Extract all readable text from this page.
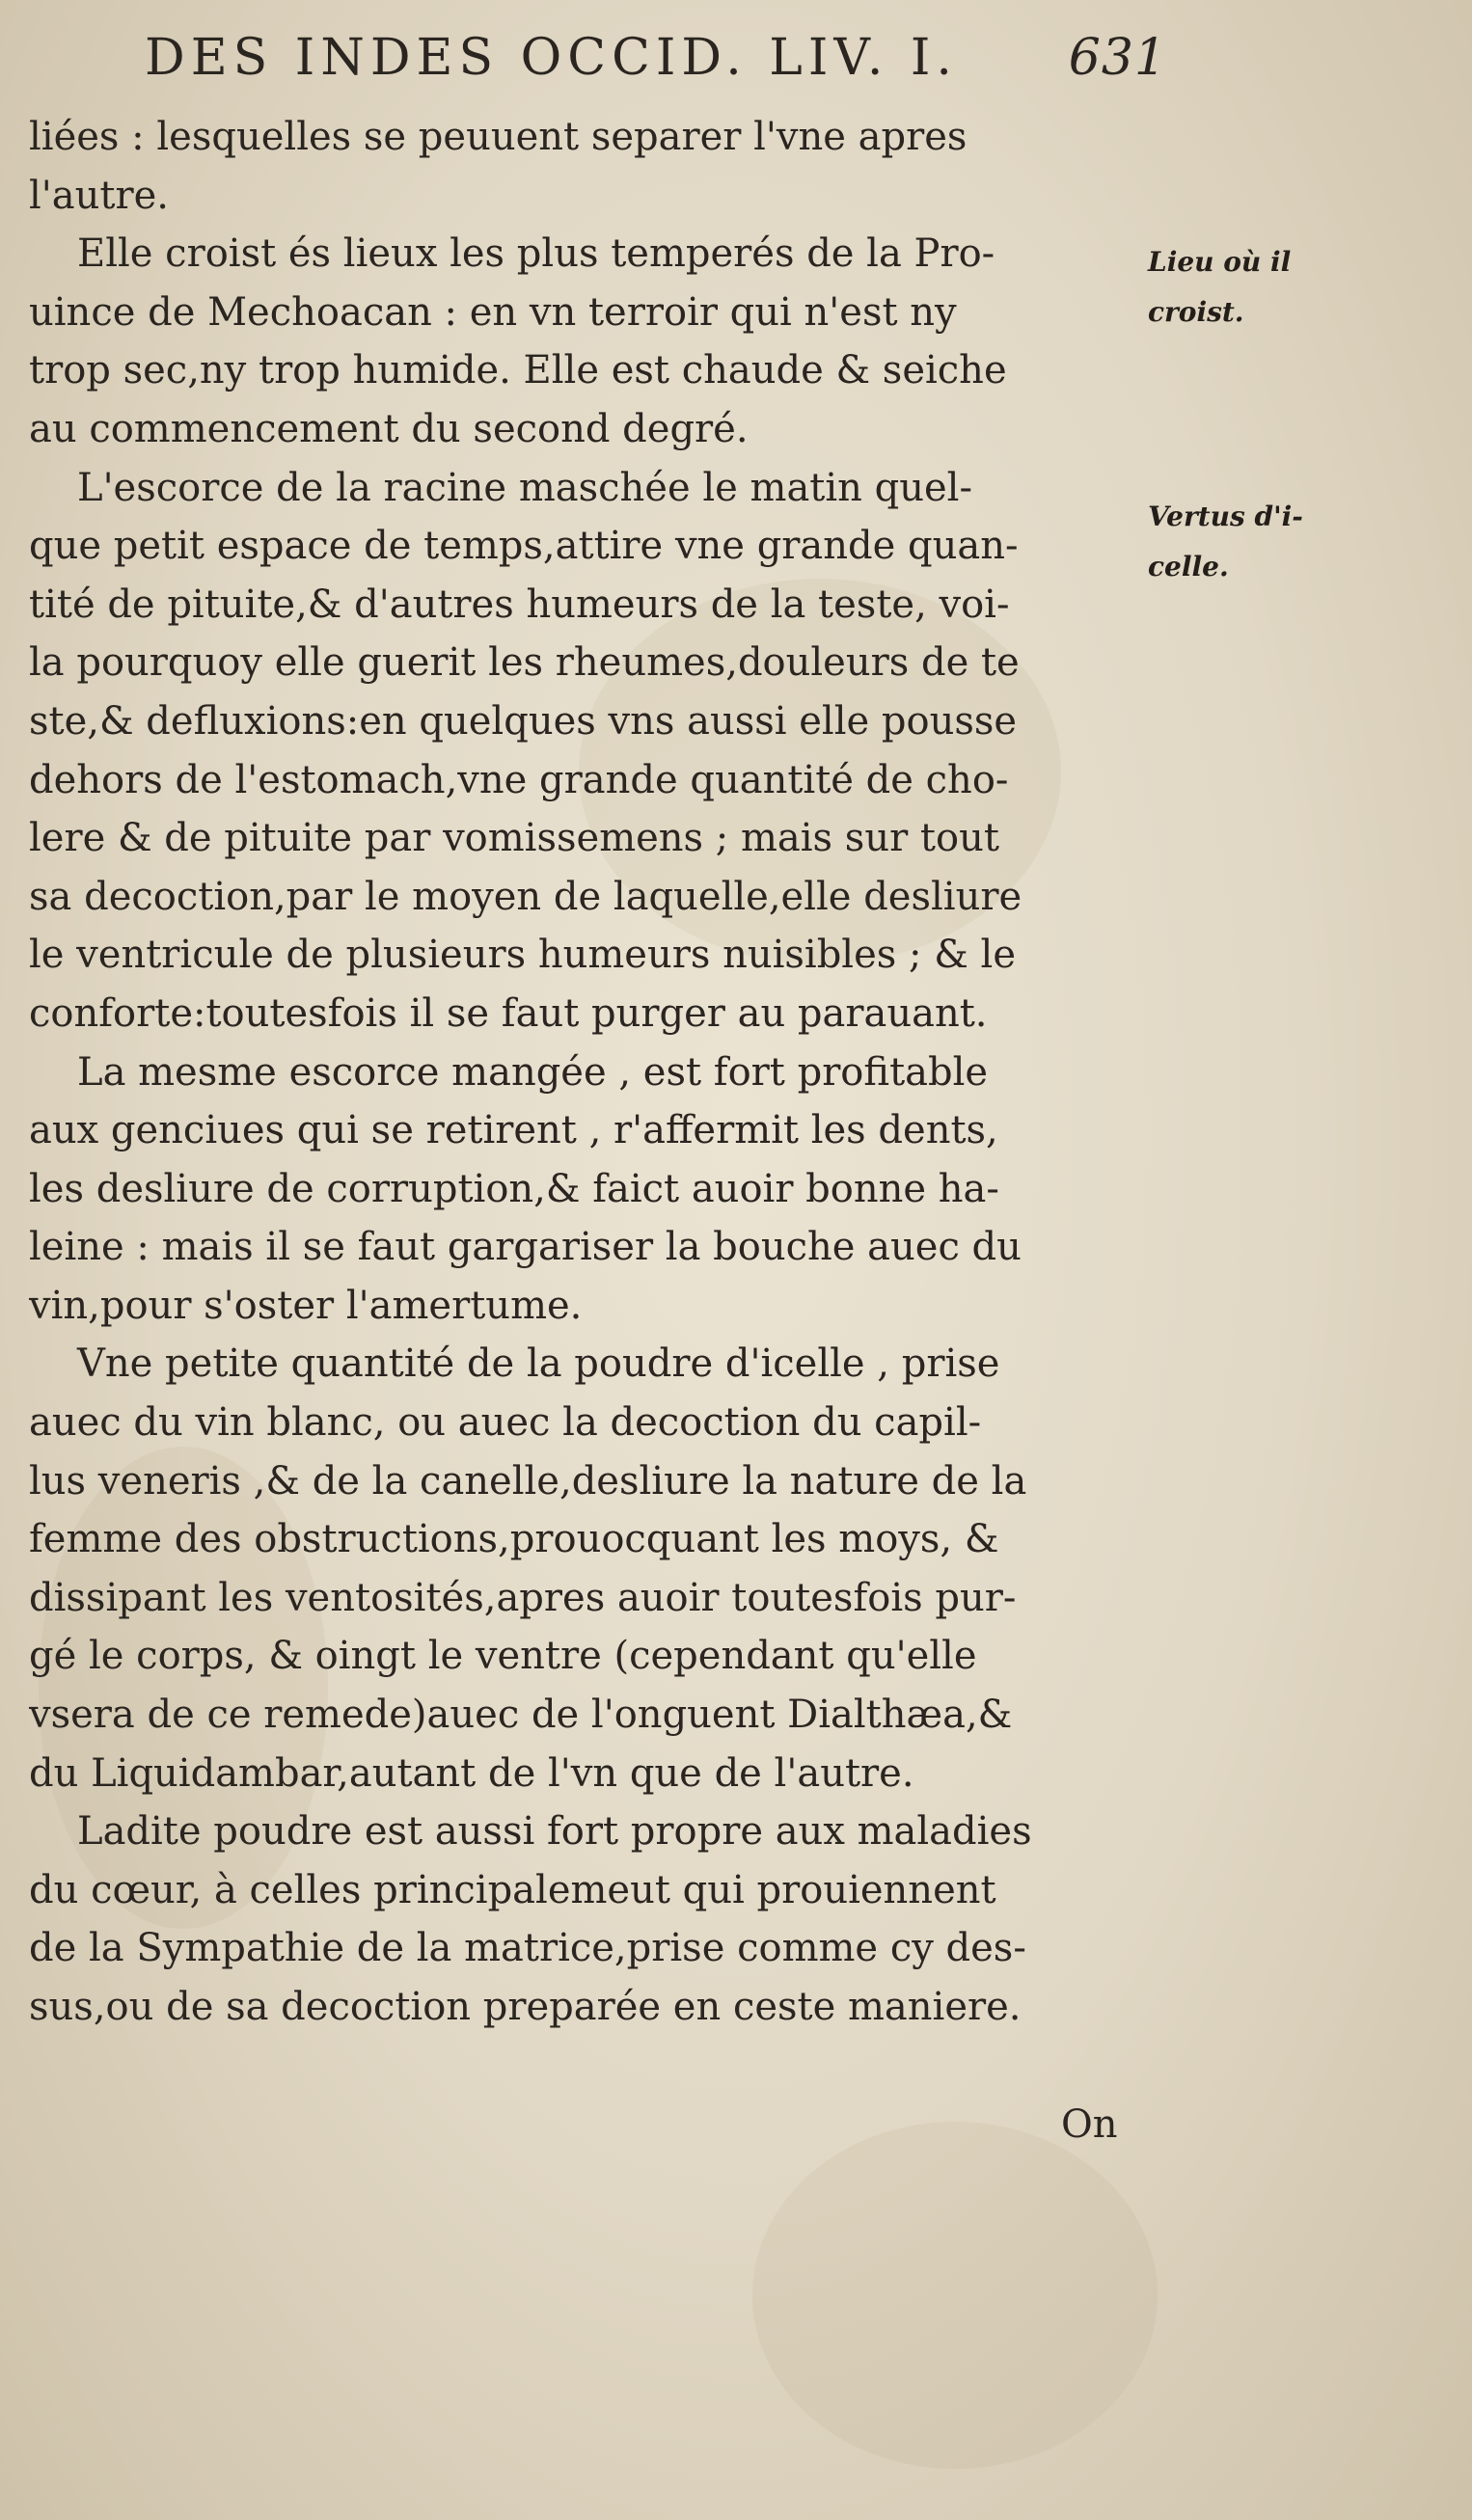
DES INDES OCCID. LIV. I. 631
liées : lesquelles se peuuent separer l'vne apres
l'autre.
Elle croist és lieux les plus temperés de la Pro-
uince de Mechoacan : en vn terroir qui n'est ny
trop sec,ny trop humide. Elle est chaude & seiche
au commencement du second degré.
L'escorce de la racine maschée le matin quel-
que petit espace de temps,attire vne grande quan-
tité de pituite,& d'autres humeurs de la teste, voi-
la pourquoy elle guerit les rheumes,douleurs de te
ste,& defluxions:en quelques vns aussi elle pousse
dehors de l'estomach,vne grande quantité de cho-
lere & de pituite par vomissemens ; mais sur tout
sa decoction,par le moyen de laquelle,elle desliure
le ventricule de plusieurs humeurs nuisibles ; & le
conforte:toutesfois il se faut purger au parauant.
La mesme escorce mangée , est fort profitable
aux genciues qui se retirent , r'affermit les dents,
les desliure de corruption,& faict auoir bonne ha-
leine : mais il se faut gargariser la bouche auec du
vin,pour s'oster l'amertume.
Vne petite quantité de la poudre d'icelle , prise
auec du vin blanc, ou auec la decoction du capil-
lus veneris ,& de la canelle,desliure la nature de la
femme des obstructions,prouocquant les moys, &
dissipant les ventosités,apres auoir toutesfois pur-
gé le corps, & oingt le ventre (cependant qu'elle
vsera de ce remede)auec de l'onguent Dialthæa,&
du Liquidambar,autant de l'vn que de l'autre.
Ladite poudre est aussi fort propre aux maladies
du cœur, à celles principalemeut qui prouiennent
de la Sympathie de la matrice,prise comme cy des-
sus,ou de sa decoction preparée en ceste maniere.
Lieu où il
croist.
Vertus d'i-
celle.
On
